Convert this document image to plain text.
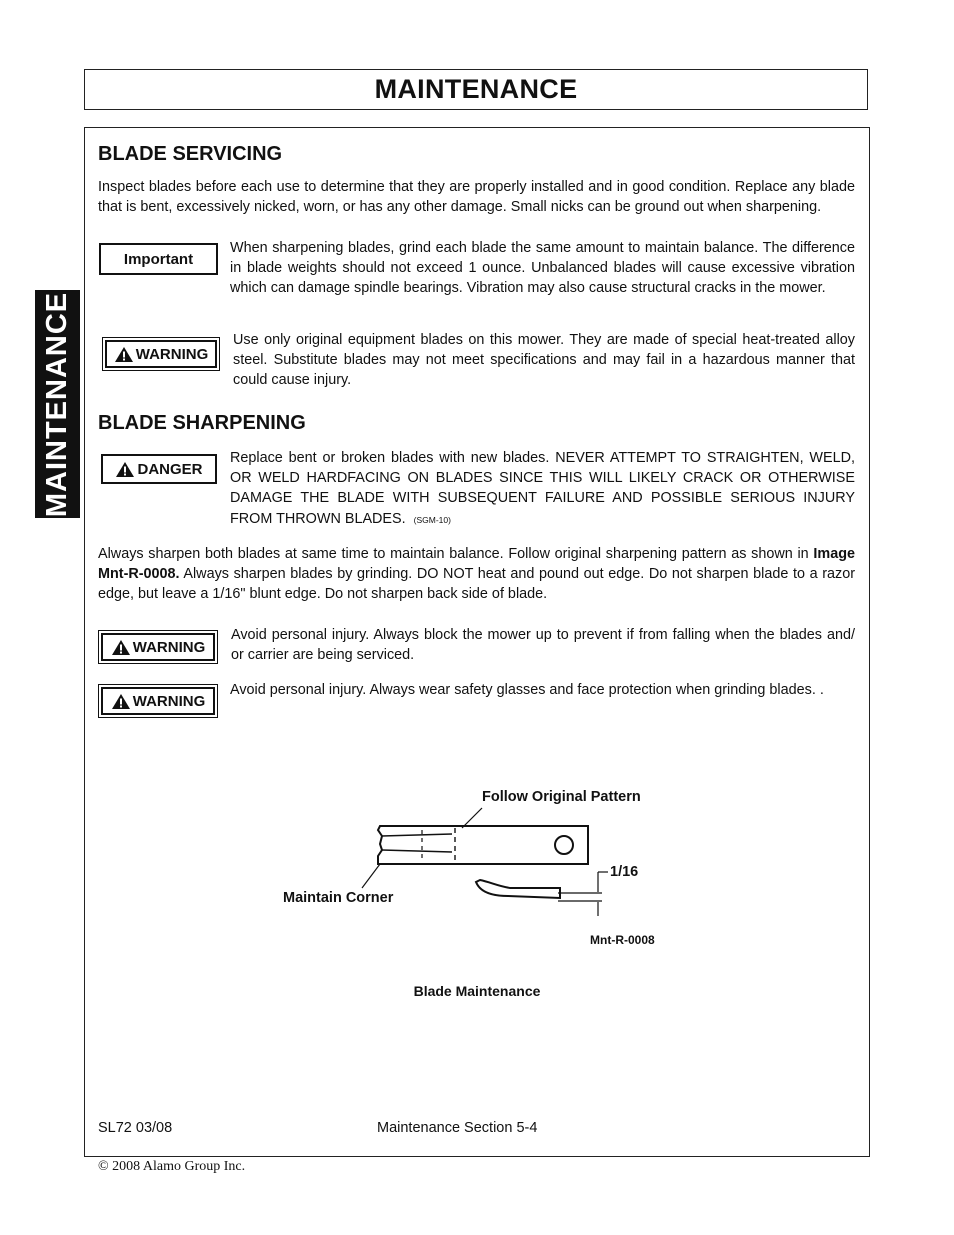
MAINTENANCE
MAINTENANCE
BLADE SERVICING

Inspect blades before each use to determine that they are properly installed and in good condition. Replace any blade that is bent, excessively nicked, worn, or has any other damage. Small nicks can be ground out when sharpening.

Important

When sharpening blades, grind each blade the same amount to maintain balance. The difference in blade weights should not exceed 1 ounce. Unbalanced blades will cause excessive vibration which can damage spindle bearings. Vibration may also cause structural cracks in the mower.

WARNING

Use only original equipment blades on this mower. They are made of special heat-treated alloy steel. Substitute blades may not meet specifications and may fail in a hazardous manner that could cause injury.

BLADE SHARPENING
DANGER

Replace bent or broken blades with new blades. NEVER ATTEMPT TO STRAIGHTEN, WELD, OR WELD HARDFACING ON BLADES SINCE THIS WILL LIKELY CRACK OR OTHERWISE DAMAGE THE BLADE WITH SUBSEQUENT FAILURE AND POSSIBLE SERIOUS INJURY FROM THROWN BLADES. (SGM-10)

Always sharpen both blades at same time to maintain balance. Follow original sharpening pattern as shown in Image Mnt-R-0008. Always sharpen blades by grinding. DO NOT heat and pound out edge. Do not sharpen blade to a razor edge, but leave a 1/16" blunt edge. Do not sharpen back side of blade.

WARNING

Avoid personal injury. Always block the mower up to prevent if from falling when the blades and/ or carrier are being serviced.

WARNING

Avoid personal injury. Always wear safety glasses and face protection when grinding blades. .

Follow Original Pattern
Maintain Corner
1/16
Mnt-R-0008
Blade Maintenance
SL72 03/08	Maintenance Section 5-4
© 2008 Alamo Group Inc.
